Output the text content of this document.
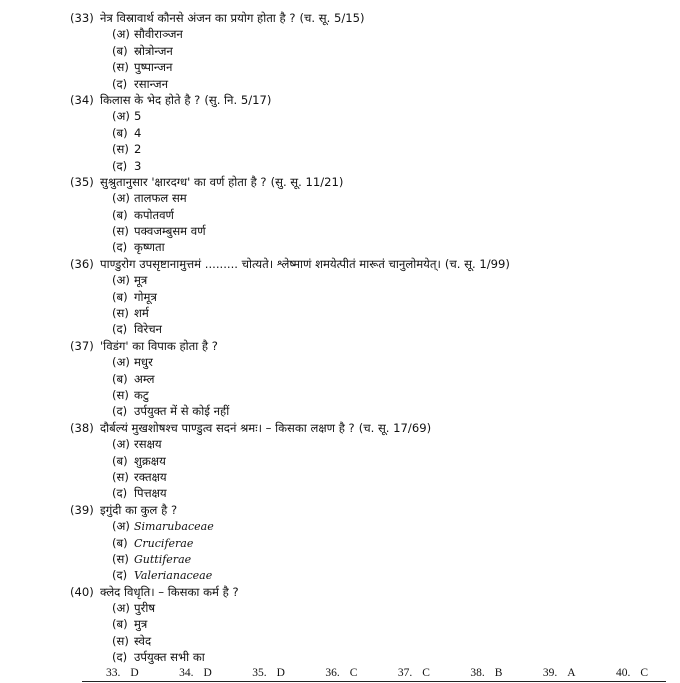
(33) नेत्र विस्रावार्थ कौनसे अंजन का प्रयोग होता है ? (च. सू. 5/15)
(अ) सौवीराञ्जन
(ब) स्रोत्रोन्जन
(स) पुष्पान्जन
(द) रसान्जन
(34) किलास के भेद होते है ? (सु. नि. 5/17)
(अ) 5
(ब) 4
(स) 2
(द) 3
(35) सुश्रुतानुसार 'क्षारदग्ध' का वर्ण होता है ? (सु. सू. 11/21)
(अ) तालफल सम
(ब) कपोतवर्ण
(स) पक्वजम्बुसम वर्ण
(द) कृष्णता
(36) पाण्डुरोग उपसृष्टानामुत्तमं ......... चोत्यते। श्लेष्माणं शमयेत्पीतं मारूतं चानुलोमयेत्। (च. सू. 1/99)
(अ) मूत्र
(ब) गोमूत्र
(स) शर्म
(द) विरेचन
(37) 'विडंग' का विपाक होता है ?
(अ) मधुर
(ब) अम्ल
(स) कटु
(द) उर्पयुक्त में से कोई नहीं
(38) दौर्बल्यं मुखशोषश्च पाण्डुत्व सदनं श्रमः। – किसका लक्षण है ? (च. सू. 17/69)
(अ) रसक्षय
(ब) शुक्रक्षय
(स) रक्तक्षय
(द) पित्तक्षय
(39) इगुंदी का कुल है ?
(अ) Simarubaceae
(ब) Cruciferae
(स) Guttiferae
(द) Valerianaceae
(40) क्लेद विधृति। – किसका कर्म है ?
(अ) पुरीष
(ब) मुत्र
(स) स्वेद
(द) उर्पयुक्त सभी का
33. D	34. D	35. D	36. C	37. C	38. B	39. A	40. C
